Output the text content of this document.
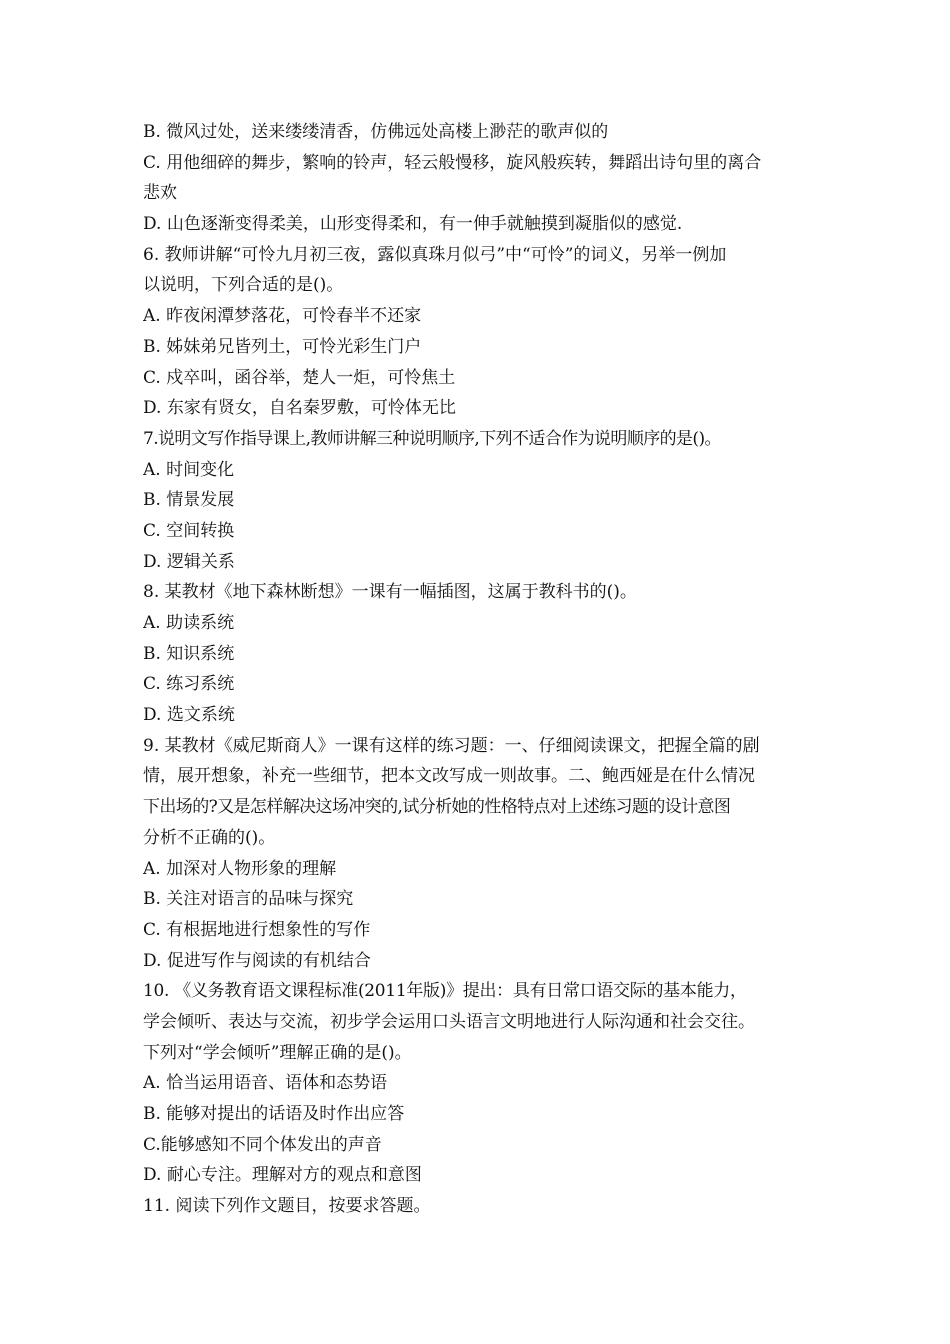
B. 微风过处，送来缕缕清香，仿佛远处高楼上渺茫的歌声似的
C. 用他细碎的舞步，繁响的铃声，轻云般慢移，旋风般疾转，舞蹈出诗句里的离合
悲欢
D. 山色逐渐变得柔美，山形变得柔和，有一伸手就触摸到凝脂似的感觉.
6. 教师讲解“可怜九月初三夜，露似真珠月似弓”中“可怜”的词义，另举一例加
以说明，下列合适的是()。
A. 昨夜闲潭梦落花，可怜春半不还家
B. 姊妹弟兄皆列土，可怜光彩生门户
C. 戍卒叫，函谷举，楚人一炬，可怜焦土
D. 东家有贤女，自名秦罗敷，可怜体无比
7.说明文写作指导课上,教师讲解三种说明顺序,下列不适合作为说明顺序的是()。
A. 时间变化
B. 情景发展
C. 空间转换
D. 逻辑关系
8. 某教材《地下森林断想》一课有一幅插图，这属于教科书的()。
A. 助读系统
B. 知识系统
C. 练习系统
D. 选文系统
9. 某教材《威尼斯商人》一课有这样的练习题：一、仔细阅读课文，把握全篇的剧
情，展开想象，补充一些细节，把本文改写成一则故事。二、鲍西娅是在什么情况
下出场的?又是怎样解决这场冲突的,试分析她的性格特点对上述练习题的设计意图
分析不正确的()。
A. 加深对人物形象的理解
B. 关注对语言的品味与探究
C. 有根据地进行想象性的写作
D. 促进写作与阅读的有机结合
10. 《义务教育语文课程标准(2011年版)》提出：具有日常口语交际的基本能力，
学会倾听、表达与交流，初步学会运用口头语言文明地进行人际沟通和社会交往。
下列对“学会倾听”理解正确的是()。
A. 恰当运用语音、语体和态势语
B. 能够对提出的话语及时作出应答
C.能够感知不同个体发出的声音
D. 耐心专注。理解对方的观点和意图
11. 阅读下列作文题目，按要求答题。
